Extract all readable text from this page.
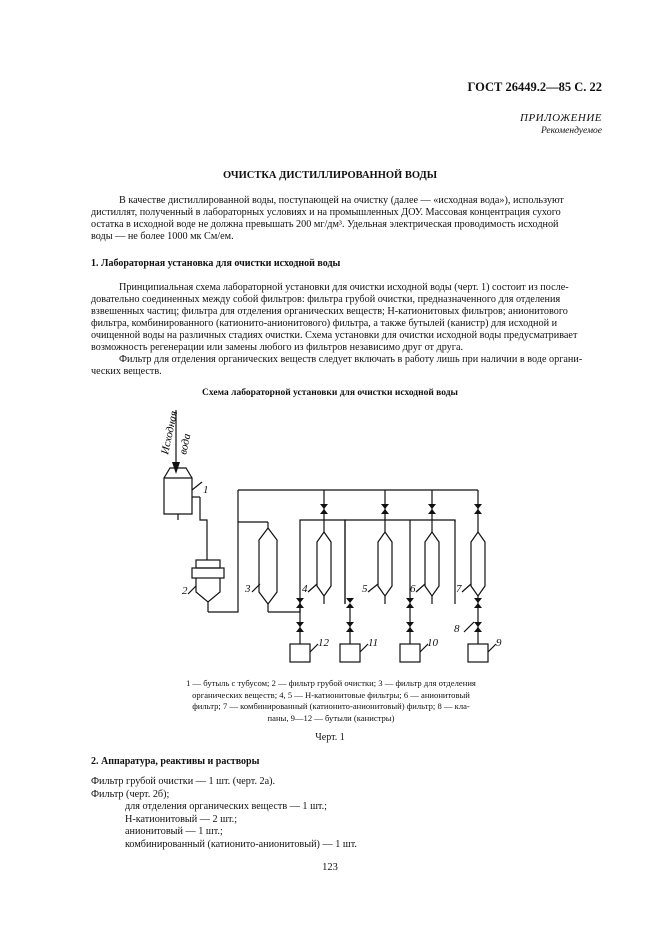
ГОСТ 26449.2—85 С. 22
ПРИЛОЖЕНИЕ
Рекомендуемое
ОЧИСТКА ДИСТИЛЛИРОВАННОЙ ВОДЫ
В качестве дистиллированной воды, поступающей на очистку (далее — «исходная вода»), используют
дистиллят, полученный в лабораторных условиях и на промышленных ДОУ. Массовая концентрация сухого
остатка в исходной воде не должна превышать 200 мг/дм³. Удельная электрическая проводимость исходной
воды — не более 1000 мк См/ем.
1. Лабораторная установка для очистки исходной воды
Принципиальная схема лабораторной установки для очистки исходной воды (черт. 1) состоит из после-
довательно соединенных между собой фильтров: фильтра грубой очистки, предназначенного для отделения
взвешенных частиц; фильтра для отделения органических веществ; Н-катионитовых фильтров; анионитового
фильтра, комбинированного (катионито-анионитового) фильтра, а также бутылей (канистр) для исходной и
очищенной воды на различных стадиях очистки. Схема установки для очистки исходной воды предусматривает
возможность регенерации или замены любого из фильтров независимо друг от друга.
Фильтр для отделения органических веществ следует включать в работу лишь при наличии в воде органи-
ческих веществ.
Схема лабораторной установки для очистки исходной воды
Исходная
вода
1
2	3	4	5	6	7
8
9
10
11
12
1 — бутыль с тубусом; 2 — фильтр грубой очистки; 3 — фильтр для отделения
органических веществ; 4, 5 — Н-катионитовые фильтры; 6 — анионитовый
фильтр; 7 — комбинированный (катионито-анионитовый) фильтр; 8 — кла-
паны, 9—12 — бутыли (канистры)
Черт. 1
2. Аппаратура, реактивы и растворы
Фильтр грубой очистки — 1 шт. (черт. 2а).
Фильтр (черт. 2б);
для отделения органических веществ — 1 шт.;
Н-катионитовый — 2 шт.;
анионитовый — 1 шт.;
комбинированный (катионито-анионитовый) — 1 шт.
123
